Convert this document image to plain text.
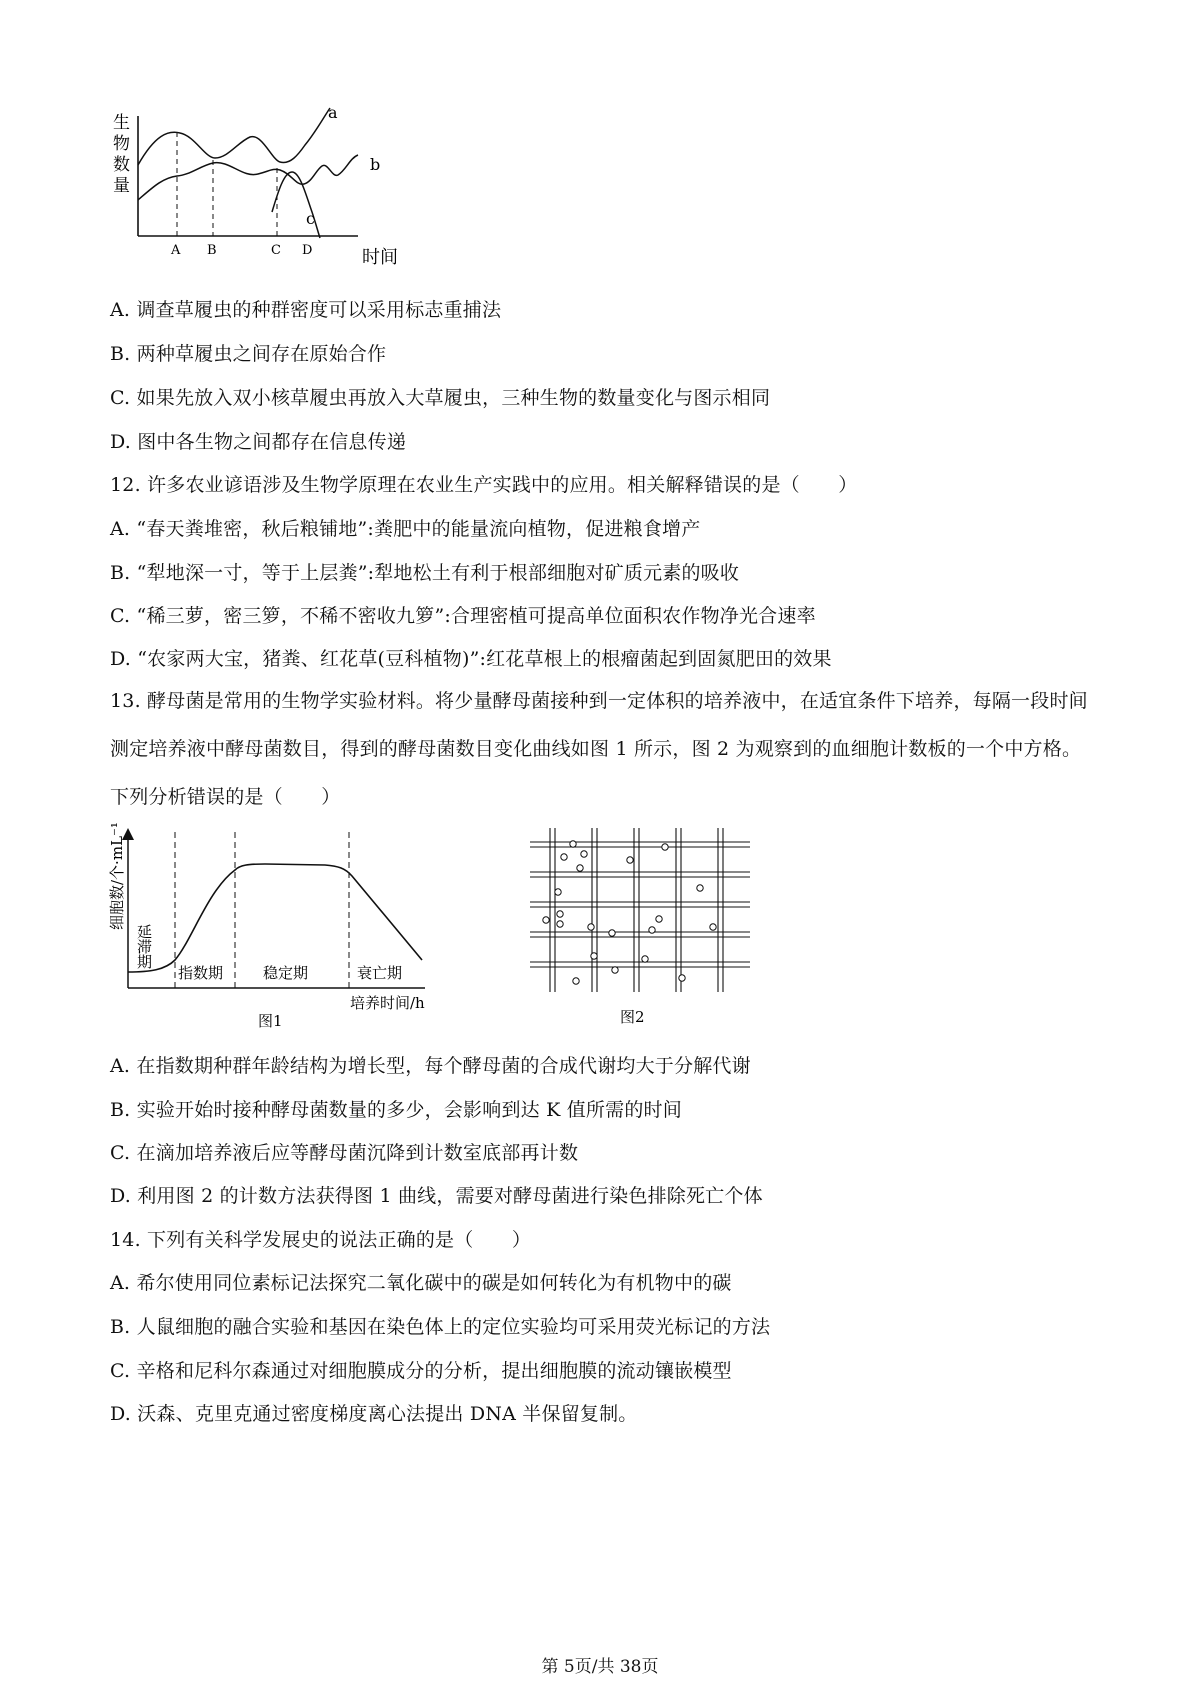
生
物
数
量
a
b
c
A B	C D	时间
A. 调查草履虫的种群密度可以采用标志重捕法
B. 两种草履虫之间存在原始合作
C. 如果先放入双小核草履虫再放入大草履虫，三种生物的数量变化与图示相同
D. 图中各生物之间都存在信息传递
12. 许多农业谚语涉及生物学原理在农业生产实践中的应用。相关解释错误的是（　　）
A. “春天粪堆密，秋后粮铺地”:粪肥中的能量流向植物，促进粮食增产
B. “犁地深一寸，等于上层粪”:犁地松土有利于根部细胞对矿质元素的吸收
C. “稀三萝，密三箩，不稀不密收九箩”:合理密植可提高单位面积农作物净光合速率
D. “农家两大宝，猪粪、红花草(豆科植物)”:红花草根上的根瘤菌起到固氮肥田的效果
13. 酵母菌是常用的生物学实验材料。将少量酵母菌接种到一定体积的培养液中，在适宜条件下培养，每隔一段时间测定培养液中酵母菌数目，得到的酵母菌数目变化曲线如图 1 所示，图 2 为观察到的血细胞计数板的一个中方格。下列分析错误的是（　　）
细胞数/个·mL⁻¹
延滞期
指数期	稳定期	衰亡期
培养时间/h
图1	图2
A. 在指数期种群年龄结构为增长型，每个酵母菌的合成代谢均大于分解代谢
B. 实验开始时接种酵母菌数量的多少，会影响到达 K 值所需的时间
C. 在滴加培养液后应等酵母菌沉降到计数室底部再计数
D. 利用图 2 的计数方法获得图 1 曲线，需要对酵母菌进行染色排除死亡个体
14. 下列有关科学发展史的说法正确的是（　　）
A. 希尔使用同位素标记法探究二氧化碳中的碳是如何转化为有机物中的碳
B. 人鼠细胞的融合实验和基因在染色体上的定位实验均可采用荧光标记的方法
C. 辛格和尼科尔森通过对细胞膜成分的分析，提出细胞膜的流动镶嵌模型
D. 沃森、克里克通过密度梯度离心法提出 DNA 半保留复制。
第 5页/共 38页
